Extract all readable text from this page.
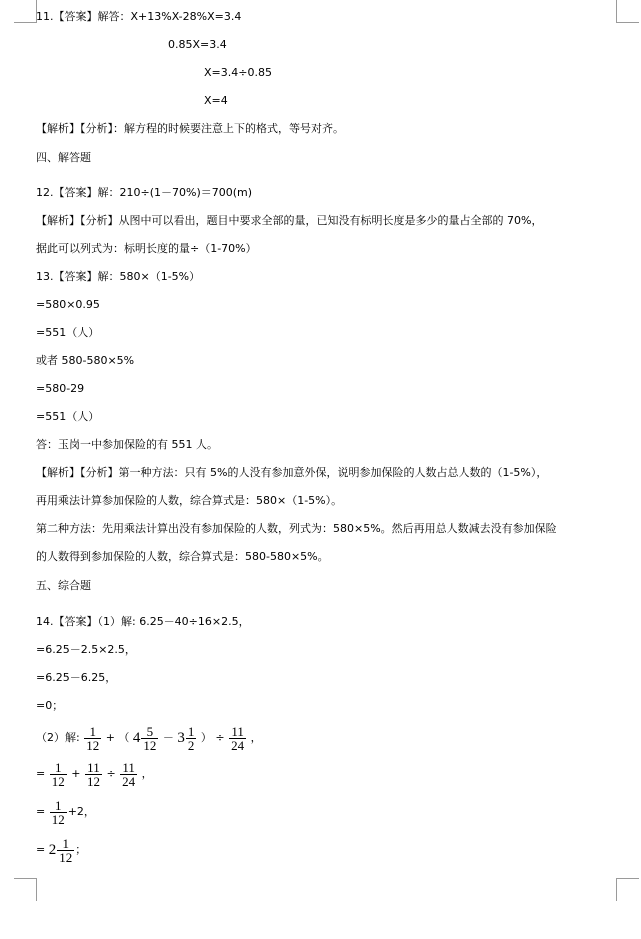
11.【答案】解答：X+13%X-28%X=3.4
0.85X=3.4
X=3.4÷0.85
X=4
【解析】【分析】：解方程的时候要注意上下的格式，等号对齐。
四、解答题
12.【答案】解：210÷(1－70%)＝700(m)
【解析】【分析】从图中可以看出，题目中要求全部的量，已知没有标明长度是多少的量占全部的 70%，
据此可以列式为：标明长度的量÷（1-70%）
13.【答案】解：580×（1-5%）
=580×0.95
=551（人）
或者 580-580×5%
=580-29
=551（人）
答：玉岗一中参加保险的有 551 人。
【解析】【分析】第一种方法：只有 5%的人没有参加意外保，说明参加保险的人数占总人数的（1-5%），
再用乘法计算参加保险的人数，综合算式是：580×（1-5%）。
第二种方法：先用乘法计算出没有参加保险的人数，列式为：580×5%。然后再用总人数减去没有参加保险
的人数得到参加保险的人数，综合算式是：580-580×5%。
五、综合题
14.【答案】（1）解: 6.25－40÷16×2.5，
=6.25－2.5×2.5，
=6.25－6.25，
=0；
（2）解: $\frac{1}{12}$ + （ $4 \frac{5}{12} - 3 \frac{1}{2}$ ） ÷ $\frac{11}{24}$ ，
= $\frac{1}{12} + \frac{11}{12} \div \frac{11}{24}$ ，
= $\frac{1}{12} +2$，
= $2 \frac{1}{12}$ ；
